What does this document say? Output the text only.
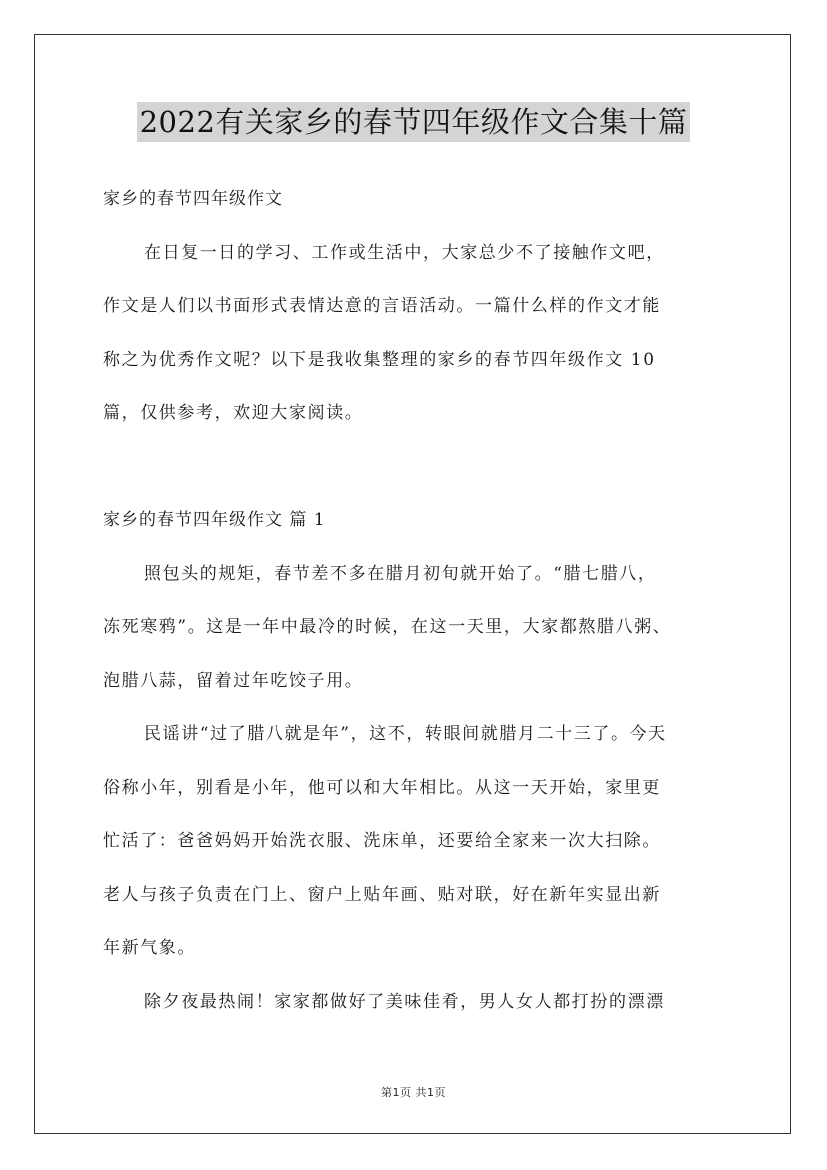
2022有关家乡的春节四年级作文合集十篇
家乡的春节四年级作文
在日复一日的学习、工作或生活中，大家总少不了接触作文吧，
作文是人们以书面形式表情达意的言语活动。一篇什么样的作文才能
称之为优秀作文呢？以下是我收集整理的家乡的春节四年级作文 10
篇，仅供参考，欢迎大家阅读。
家乡的春节四年级作文 篇 1
照包头的规矩，春节差不多在腊月初旬就开始了。“腊七腊八，
冻死寒鸦”。这是一年中最冷的时候，在这一天里，大家都熬腊八粥、
泡腊八蒜，留着过年吃饺子用。
民谣讲“过了腊八就是年”，这不，转眼间就腊月二十三了。今天
俗称小年，别看是小年，他可以和大年相比。从这一天开始，家里更
忙活了：爸爸妈妈开始洗衣服、洗床单，还要给全家来一次大扫除。
老人与孩子负责在门上、窗户上贴年画、贴对联，好在新年实显出新
年新气象。
除夕夜最热闹！家家都做好了美味佳肴，男人女人都打扮的漂漂
第1页 共1页
